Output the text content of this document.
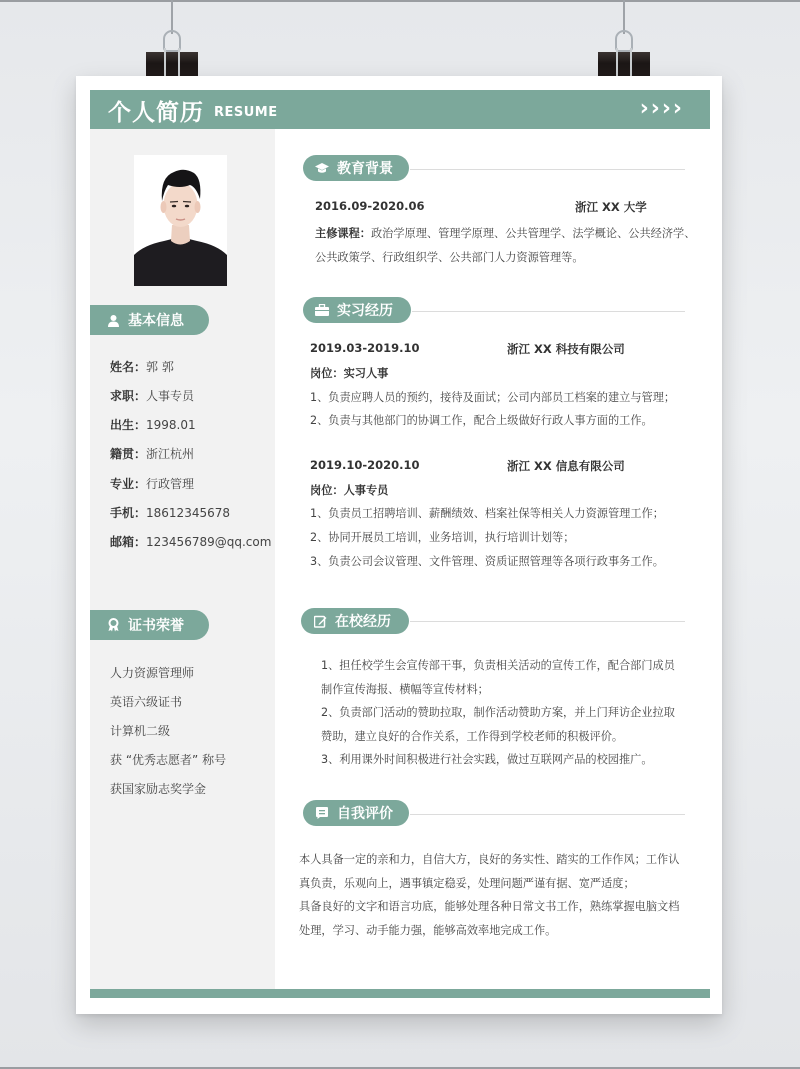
个人简历 RESUME	››››
基本信息
姓名：郭 郭
求职：人事专员
出生：1998.01
籍贯：浙江杭州
专业：行政管理
手机：18612345678
邮箱：123456789@qq.com
证书荣誉
人力资源管理师
英语六级证书
计算机二级
获 “优秀志愿者” 称号
获国家励志奖学金
教育背景
2016.09-2020.06	浙江 XX 大学
主修课程：政治学原理、管理学原理、公共管理学、法学概论、公共经济学、
公共政策学、行政组织学、公共部门人力资源管理等。
实习经历
2019.03-2019.10	浙江 XX 科技有限公司
岗位：实习人事
1、负责应聘人员的预约，接待及面试；公司内部员工档案的建立与管理；
2、负责与其他部门的协调工作，配合上级做好行政人事方面的工作。
2019.10-2020.10	浙江 XX 信息有限公司
岗位：人事专员
1、负责员工招聘培训、薪酬绩效、档案社保等相关人力资源管理工作；
2、协同开展员工培训，业务培训，执行培训计划等；
3、负责公司会议管理、文件管理、资质证照管理等各项行政事务工作。
在校经历
1、担任校学生会宣传部干事，负责相关活动的宣传工作，配合部门成员
制作宣传海报、横幅等宣传材料；
2、负责部门活动的赞助拉取，制作活动赞助方案，并上门拜访企业拉取
赞助，建立良好的合作关系，工作得到学校老师的积极评价。
3、利用课外时间积极进行社会实践，做过互联网产品的校园推广。
自我评价
本人具备一定的亲和力，自信大方，良好的务实性、踏实的工作作风；工作认
真负责，乐观向上，遇事镇定稳妥，处理问题严谨有据、宽严适度；
具备良好的文字和语言功底，能够处理各种日常文书工作，熟练掌握电脑文档
处理，学习、动手能力强，能够高效率地完成工作。
